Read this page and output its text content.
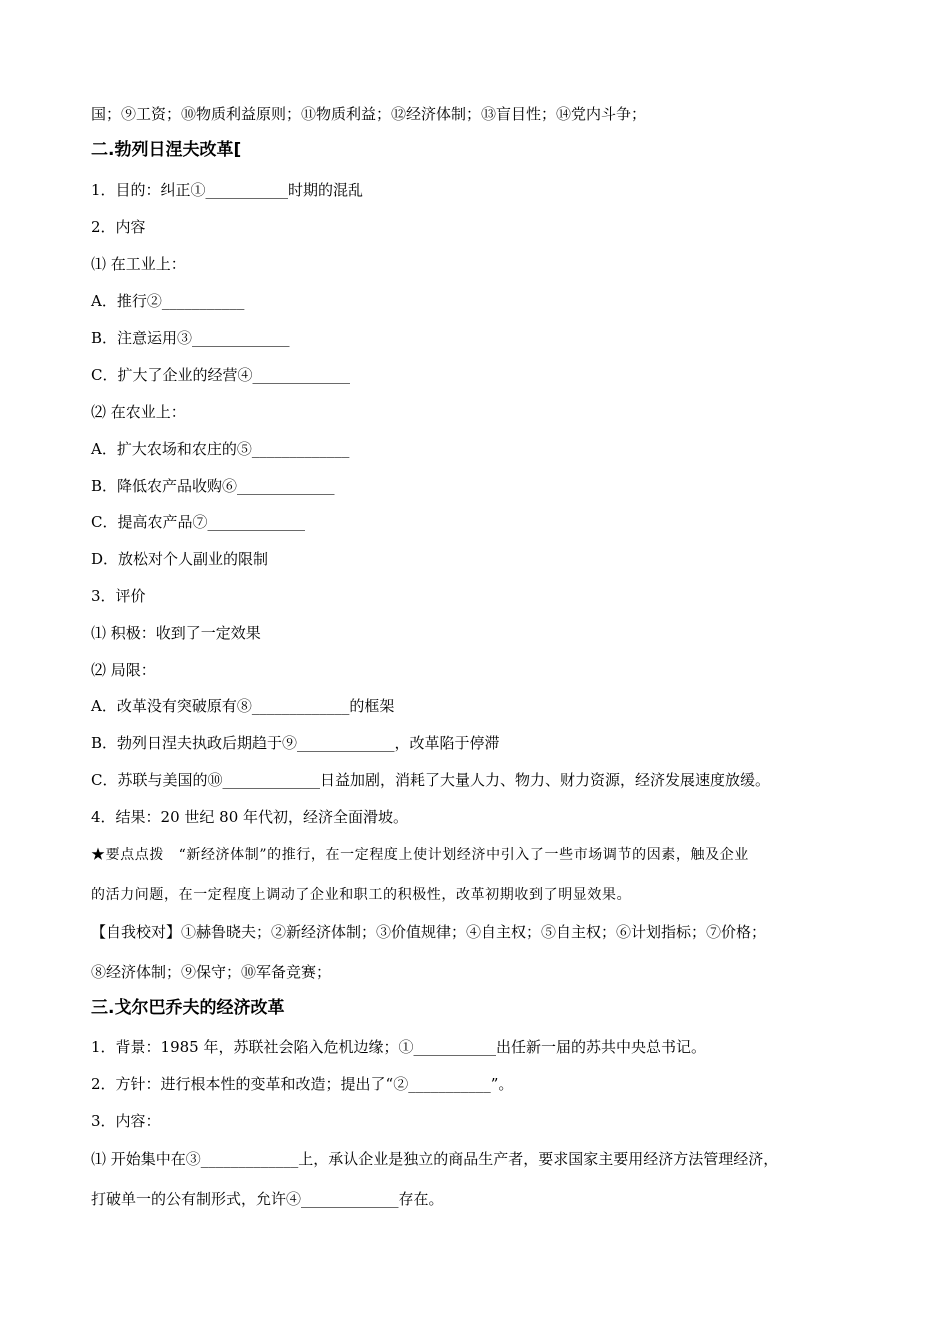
国；⑨工资；⑩物质利益原则；⑪物质利益；⑫经济体制；⑬盲目性；⑭党内斗争；
二.勃列日涅夫改革[
1．目的：纠正①___________时期的混乱
2．内容
⑴ 在工业上：
A．推行②___________
B．注意运用③_____________
C．扩大了企业的经营④_____________
⑵ 在农业上：
A．扩大农场和农庄的⑤_____________
B．降低农产品收购⑥_____________
C．提高农产品⑦_____________
D．放松对个人副业的限制
3．评价
⑴ 积极：收到了一定效果
⑵ 局限：
A．改革没有突破原有⑧_____________的框架
B．勃列日涅夫执政后期趋于⑨_____________，改革陷于停滞
C．苏联与美国的⑩_____________日益加剧，消耗了大量人力、物力、财力资源，经济发展速度放缓。
4．结果：20 世纪 80 年代初，经济全面滑坡。
★要点点拨　“新经济体制”的推行，在一定程度上使计划经济中引入了一些市场调节的因素，触及企业
的活力问题，在一定程度上调动了企业和职工的积极性，改革初期收到了明显效果。
【自我校对】①赫鲁晓夫；②新经济体制；③价值规律；④自主权；⑤自主权；⑥计划指标；⑦价格；
⑧经济体制；⑨保守；⑩军备竞赛；
三.戈尔巴乔夫的经济改革
1．背景：1985 年，苏联社会陷入危机边缘；①___________出任新一届的苏共中央总书记。
2．方针：进行根本性的变革和改造；提出了“②___________”。
3．内容：
⑴ 开始集中在③_____________上，承认企业是独立的商品生产者，要求国家主要用经济方法管理经济，
打破单一的公有制形式，允许④_____________存在。
